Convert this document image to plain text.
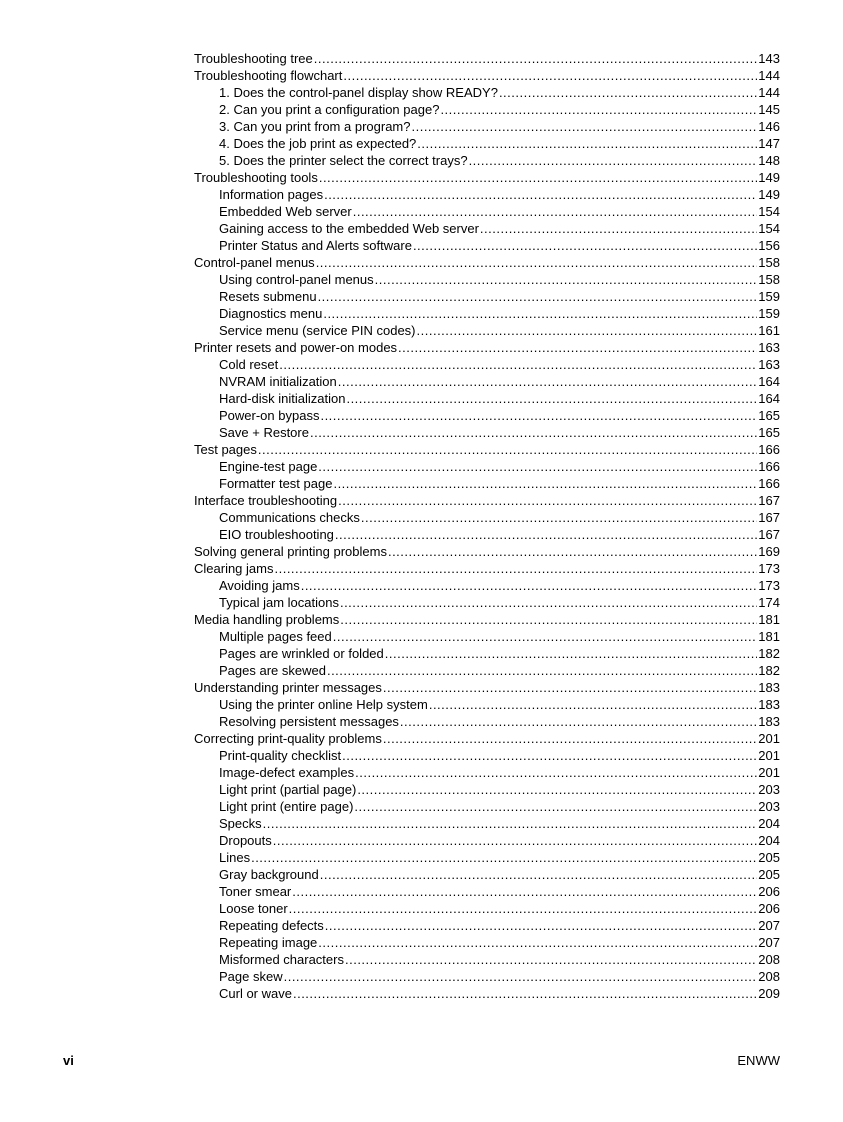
Troubleshooting tree .....	143
Troubleshooting flowchart .....	144
1. Does the control-panel display show READY? .....	144
2. Can you print a configuration page? .....	145
3. Can you print from a program? .....	146
4. Does the job print as expected? .....	147
5. Does the printer select the correct trays? .....	148
Troubleshooting tools .....	149
Information pages .....	149
Embedded Web server .....	154
Gaining access to the embedded Web server .....	154
Printer Status and Alerts software .....	156
Control-panel menus .....	158
Using control-panel menus .....	158
Resets submenu .....	159
Diagnostics menu .....	159
Service menu (service PIN codes) .....	161
Printer resets and power-on modes .....	163
Cold reset .....	163
NVRAM initialization .....	164
Hard-disk initialization .....	164
Power-on bypass .....	165
Save + Restore .....	165
Test pages .....	166
Engine-test page .....	166
Formatter test page .....	166
Interface troubleshooting .....	167
Communications checks .....	167
EIO troubleshooting .....	167
Solving general printing problems .....	169
Clearing jams .....	173
Avoiding jams .....	173
Typical jam locations .....	174
Media handling problems .....	181
Multiple pages feed .....	181
Pages are wrinkled or folded .....	182
Pages are skewed .....	182
Understanding printer messages .....	183
Using the printer online Help system .....	183
Resolving persistent messages .....	183
Correcting print-quality problems .....	201
Print-quality checklist .....	201
Image-defect examples .....	201
Light print (partial page) .....	203
Light print (entire page) .....	203
Specks .....	204
Dropouts .....	204
Lines .....	205
Gray background .....	205
Toner smear .....	206
Loose toner .....	206
Repeating defects .....	207
Repeating image .....	207
Misformed characters .....	208
Page skew .....	208
Curl or wave .....	209
vi	ENWW
